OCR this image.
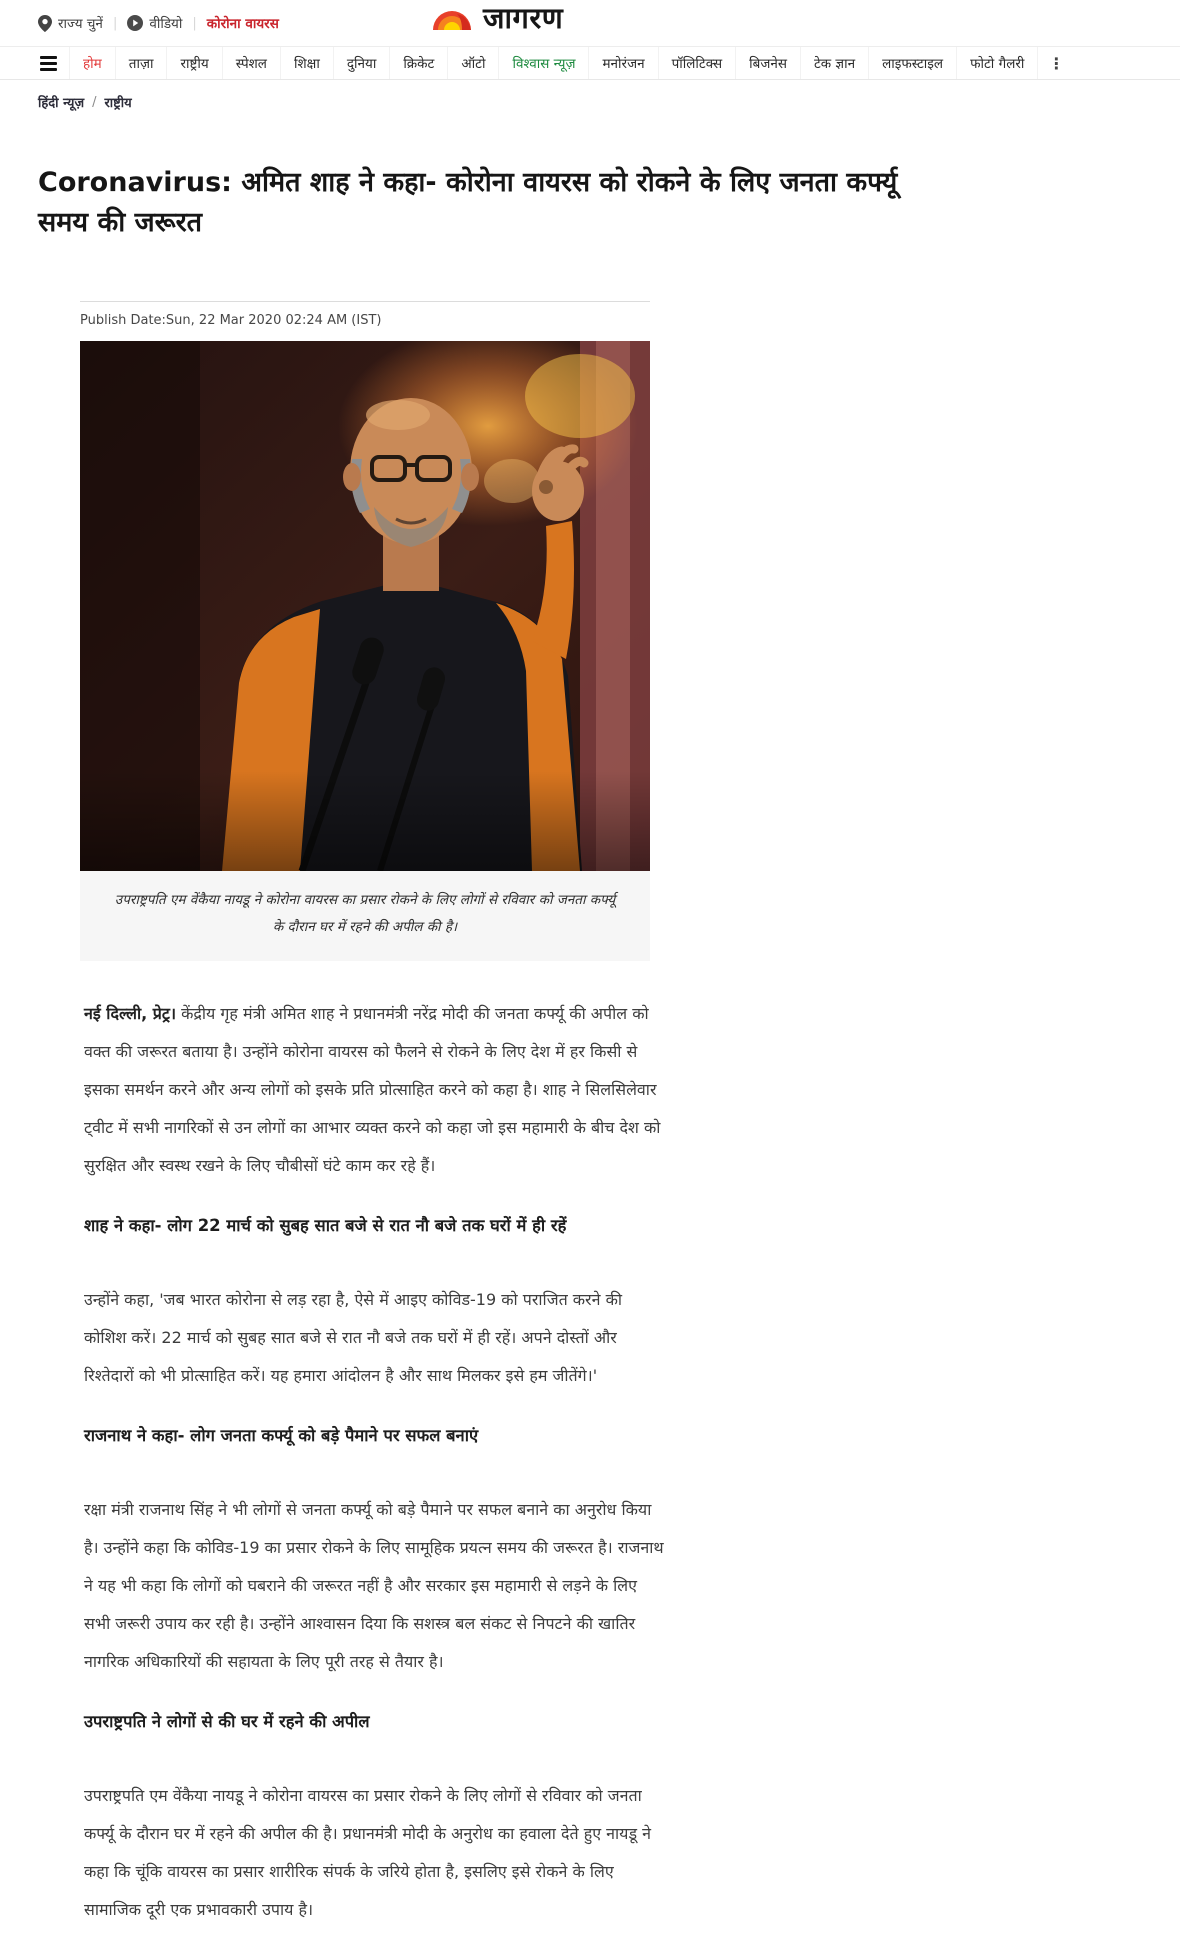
राज्य चुनें | वीडियो | कोरोना वायरस	जागरण
होम	ताज़ा	राष्ट्रीय	स्पेशल	शिक्षा	दुनिया	क्रिकेट	ऑटो	विश्वास न्यूज़	मनोरंजन	पॉलिटिक्स	बिजनेस	टेक ज्ञान	लाइफस्टाइल	फोटो गैलरी	⋮
हिंदी न्यूज़ / राष्ट्रीय
Coronavirus: अमित शाह ने कहा- कोरोना वायरस को रोकने के लिए जनता कर्फ्यू समय की जरूरत
Publish Date:Sun, 22 Mar 2020 02:24 AM (IST)
उपराष्ट्रपति एम वेंकैया नायडू ने कोरोना वायरस का प्रसार रोकने के लिए लोगों से रविवार को जनता कर्फ्यू के दौरान घर में रहने की अपील की है।

नई दिल्ली, प्रेट्र। केंद्रीय गृह मंत्री अमित शाह ने प्रधानमंत्री नरेंद्र मोदी की जनता कर्फ्यू की अपील को वक्त की जरूरत बताया है। उन्होंने कोरोना वायरस को फैलने से रोकने के लिए देश में हर किसी से इसका समर्थन करने और अन्य लोगों को इसके प्रति प्रोत्साहित करने को कहा है। शाह ने सिलसिलेवार ट्वीट में सभी नागरिकों से उन लोगों का आभार व्यक्त करने को कहा जो इस महामारी के बीच देश को सुरक्षित और स्वस्थ रखने के लिए चौबीसों घंटे काम कर रहे हैं।

शाह ने कहा- लोग 22 मार्च को सुबह सात बजे से रात नौ बजे तक घरों में ही रहें

उन्होंने कहा, 'जब भारत कोरोना से लड़ रहा है, ऐसे में आइए कोविड-19 को पराजित करने की कोशिश करें। 22 मार्च को सुबह सात बजे से रात नौ बजे तक घरों में ही रहें। अपने दोस्तों और रिश्तेदारों को भी प्रोत्साहित करें। यह हमारा आंदोलन है और साथ मिलकर इसे हम जीतेंगे।'

राजनाथ ने कहा- लोग जनता कर्फ्यू को बड़े पैमाने पर सफल बनाएं

रक्षा मंत्री राजनाथ सिंह ने भी लोगों से जनता कर्फ्यू को बड़े पैमाने पर सफल बनाने का अनुरोध किया है। उन्होंने कहा कि कोविड-19 का प्रसार रोकने के लिए सामूहिक प्रयत्न समय की जरूरत है। राजनाथ ने यह भी कहा कि लोगों को घबराने की जरूरत नहीं है और सरकार इस महामारी से लड़ने के लिए सभी जरूरी उपाय कर रही है। उन्होंने आश्वासन दिया कि सशस्त्र बल संकट से निपटने की खातिर नागरिक अधिकारियों की सहायता के लिए पूरी तरह से तैयार है।

उपराष्ट्रपति ने लोगों से की घर में रहने की अपील

उपराष्ट्रपति एम वेंकैया नायडू ने कोरोना वायरस का प्रसार रोकने के लिए लोगों से रविवार को जनता कर्फ्यू के दौरान घर में रहने की अपील की है। प्रधानमंत्री मोदी के अनुरोध का हवाला देते हुए नायडू ने कहा कि चूंकि वायरस का प्रसार शारीरिक संपर्क के जरिये होता है, इसलिए इसे रोकने के लिए सामाजिक दूरी एक प्रभावकारी उपाय है।
